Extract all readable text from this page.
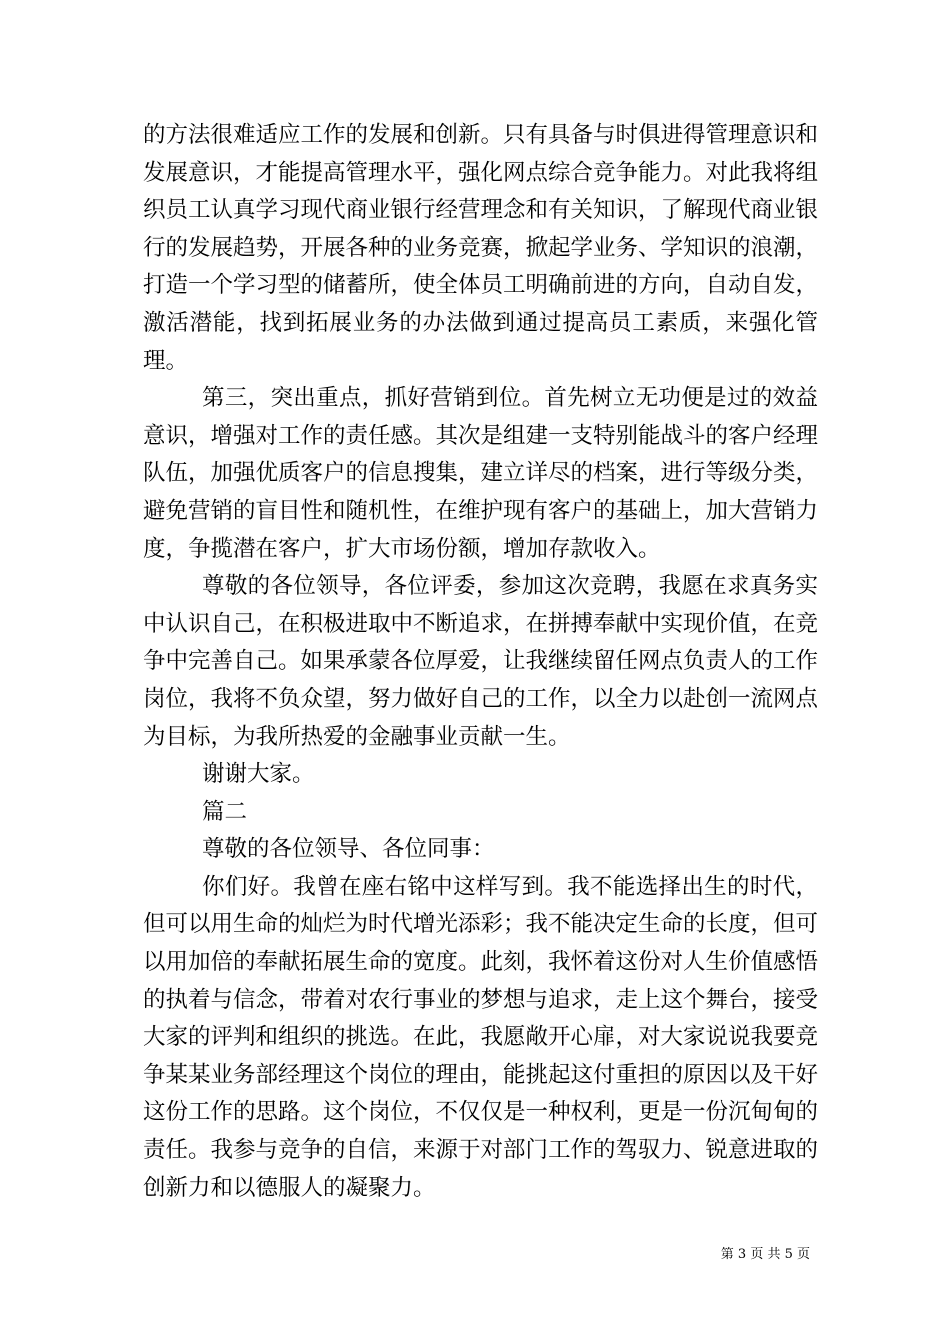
的方法很难适应工作的发展和创新。只有具备与时俱进得管理意识和发展意识，才能提高管理水平，强化网点综合竞争能力。对此我将组织员工认真学习现代商业银行经营理念和有关知识，了解现代商业银行的发展趋势，开展各种的业务竞赛，掀起学业务、学知识的浪潮，打造一个学习型的储蓄所，使全体员工明确前进的方向，自动自发，激活潜能，找到拓展业务的办法做到通过提高员工素质，来强化管理。

第三，突出重点，抓好营销到位。首先树立无功便是过的效益意识，增强对工作的责任感。其次是组建一支特别能战斗的客户经理队伍，加强优质客户的信息搜集，建立详尽的档案，进行等级分类，避免营销的盲目性和随机性，在维护现有客户的基础上，加大营销力度，争揽潜在客户，扩大市场份额，增加存款收入。

尊敬的各位领导，各位评委，参加这次竞聘，我愿在求真务实中认识自己，在积极进取中不断追求，在拼搏奉献中实现价值，在竞争中完善自己。如果承蒙各位厚爱，让我继续留任网点负责人的工作岗位，我将不负众望，努力做好自己的工作，以全力以赴创一流网点为目标，为我所热爱的金融事业贡献一生。

谢谢大家。

篇二

尊敬的各位领导、各位同事：

你们好。我曾在座右铭中这样写到。我不能选择出生的时代，但可以用生命的灿烂为时代增光添彩；我不能决定生命的长度，但可以用加倍的奉献拓展生命的宽度。此刻，我怀着这份对人生价值感悟的执着与信念，带着对农行事业的梦想与追求，走上这个舞台，接受大家的评判和组织的挑选。在此，我愿敞开心扉，对大家说说我要竞争某某业务部经理这个岗位的理由，能挑起这付重担的原因以及干好这份工作的思路。这个岗位，不仅仅是一种权利，更是一份沉甸甸的责任。我参与竞争的自信，来源于对部门工作的驾驭力、锐意进取的创新力和以德服人的凝聚力。

第 3 页 共 5 页
